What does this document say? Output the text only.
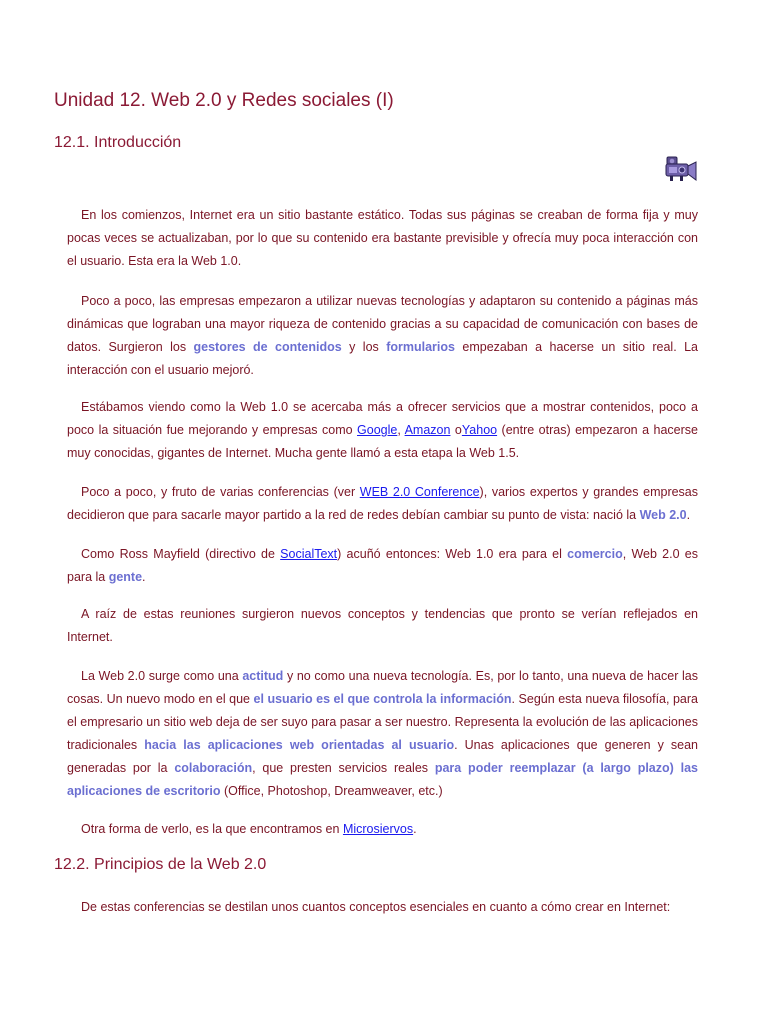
Unidad 12. Web 2.0 y Redes sociales (I)
12.1. Introducción

En los comienzos, Internet era un sitio bastante estático. Todas sus páginas se creaban de forma fija y muy pocas veces se actualizaban, por lo que su contenido era bastante previsible y ofrecía muy poca interacción con el usuario. Esta era la Web 1.0.

Poco a poco, las empresas empezaron a utilizar nuevas tecnologías y adaptaron su contenido a páginas más dinámicas que lograban una mayor riqueza de contenido gracias a su capacidad de comunicación con bases de datos. Surgieron los gestores de contenidos y los formularios empezaban a hacerse un sitio real. La interacción con el usuario mejoró.

Estábamos viendo como la Web 1.0 se acercaba más a ofrecer servicios que a mostrar contenidos, poco a poco la situación fue mejorando y empresas como Google, Amazon oYahoo (entre otras) empezaron a hacerse muy conocidas, gigantes de Internet. Mucha gente llamó a esta etapa la Web 1.5.

Poco a poco, y fruto de varias conferencias (ver WEB 2.0 Conference), varios expertos y grandes empresas decidieron que para sacarle mayor partido a la red de redes debían cambiar su punto de vista: nació la Web 2.0.

Como Ross Mayfield (directivo de SocialText) acuñó entonces: Web 1.0 era para el comercio, Web 2.0 es para la gente.

A raíz de estas reuniones surgieron nuevos conceptos y tendencias que pronto se verían reflejados en Internet.

La Web 2.0 surge como una actitud y no como una nueva tecnología. Es, por lo tanto, una nueva de hacer las cosas. Un nuevo modo en el que el usuario es el que controla la información. Según esta nueva filosofía, para el empresario un sitio web deja de ser suyo para pasar a ser nuestro. Representa la evolución de las aplicaciones tradicionales hacia las aplicaciones web orientadas al usuario. Unas aplicaciones que generen y sean generadas por la colaboración, que presten servicios reales para poder reemplazar (a largo plazo) las aplicaciones de escritorio (Office, Photoshop, Dreamweaver, etc.)

Otra forma de verlo, es la que encontramos en Microsiervos.

12.2. Principios de la Web 2.0

De estas conferencias se destilan unos cuantos conceptos esenciales en cuanto a cómo crear en Internet:
